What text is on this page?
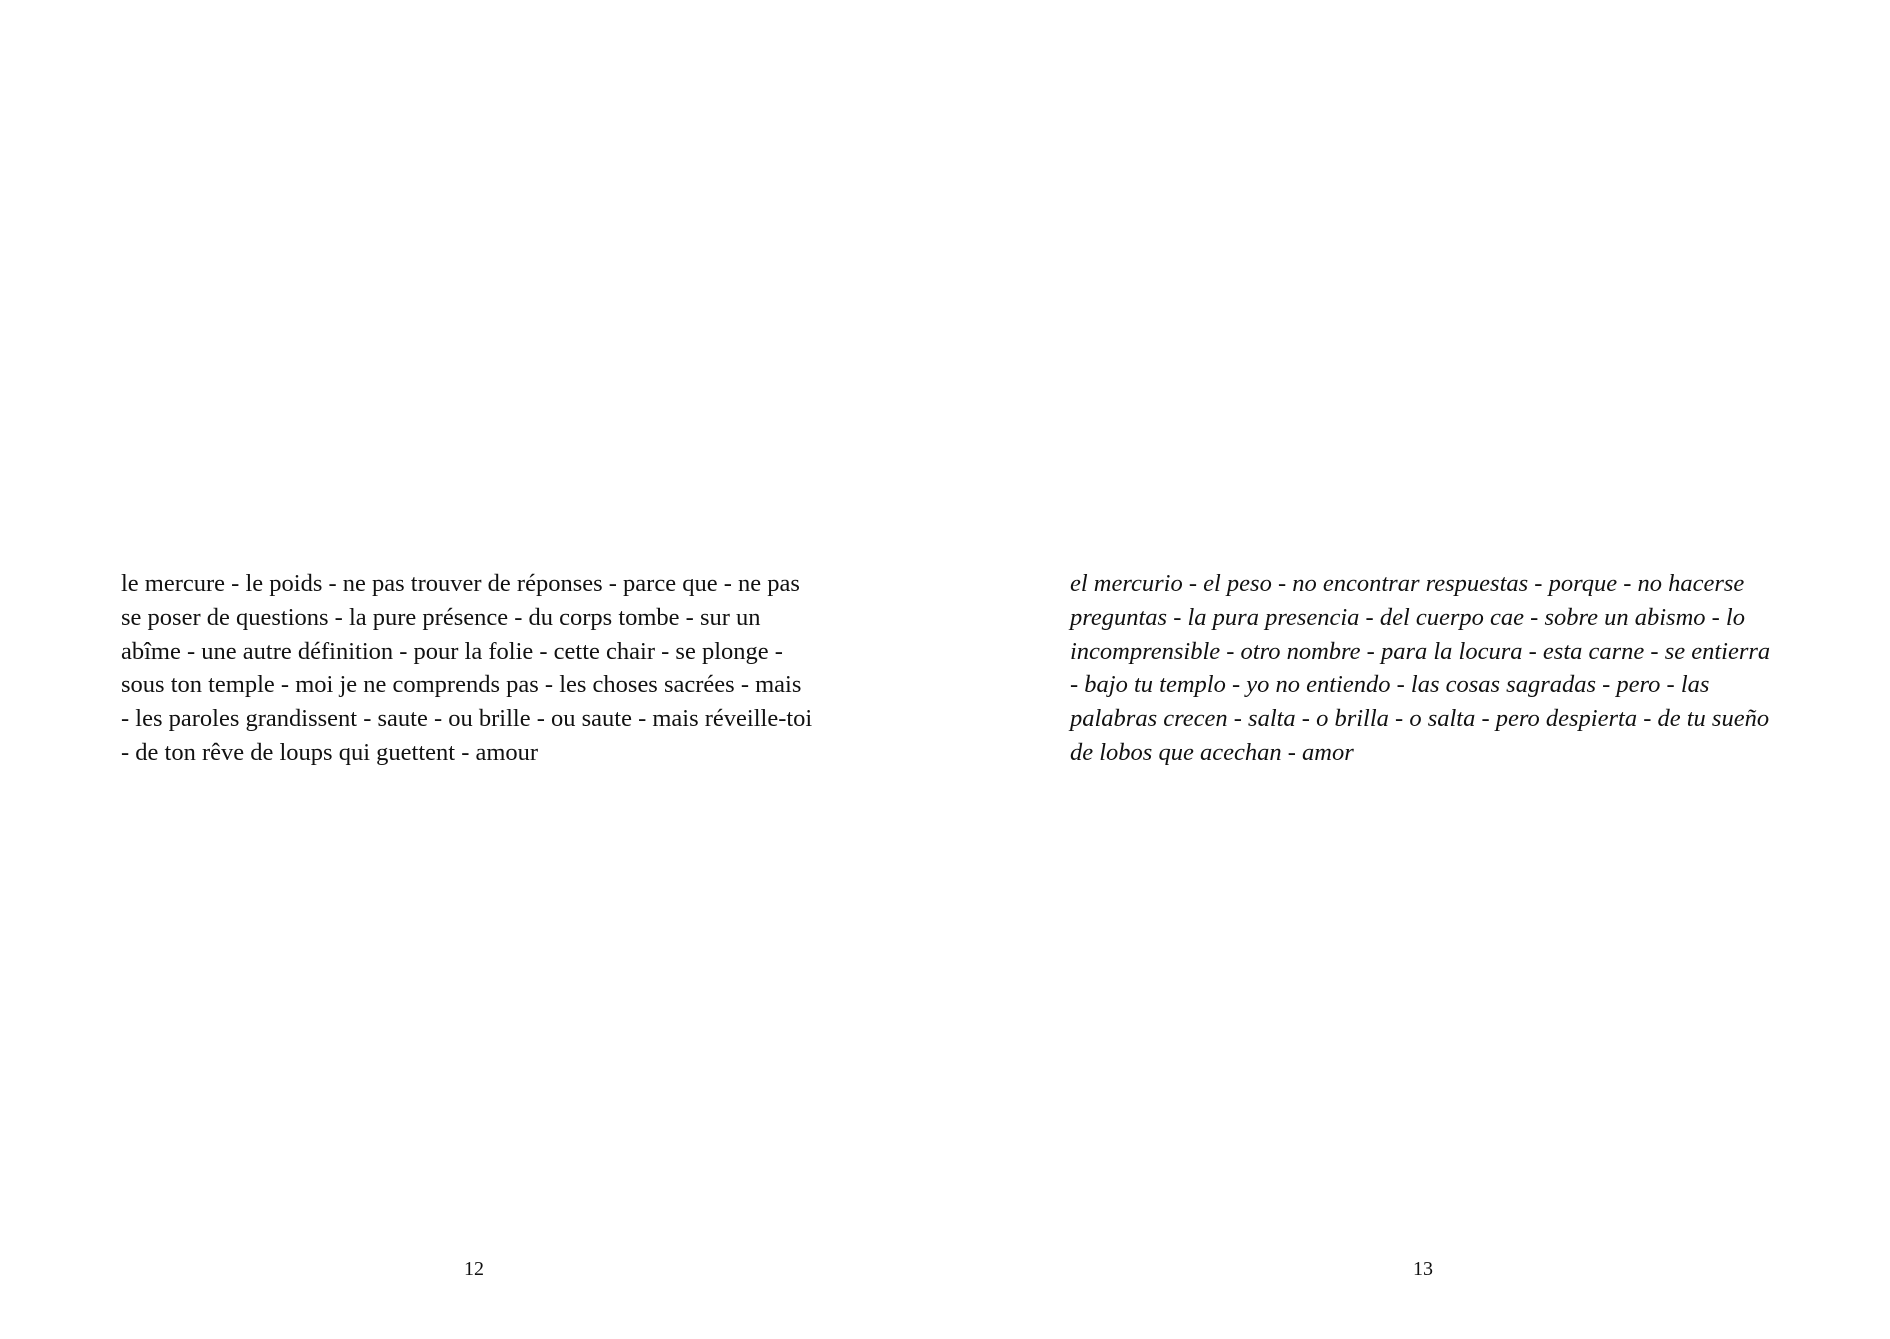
le mercure - le poids - ne pas trouver de réponses - parce que - ne pas
se poser de questions - la pure présence - du corps tombe - sur un
abîme - une autre définition - pour la folie - cette chair - se plonge -
sous ton temple - moi je ne comprends pas - les choses sacrées - mais
- les paroles grandissent - saute - ou brille - ou saute - mais réveille-toi
- de ton rêve de loups qui guettent - amour

12

el mercurio - el peso - no encontrar respuestas - porque - no hacerse
preguntas - la pura presencia - del cuerpo cae - sobre un abismo - lo
incomprensible - otro nombre - para la locura - esta carne - se entierra
- bajo tu templo - yo no entiendo - las cosas sagradas - pero - las
palabras crecen - salta - o brilla - o salta - pero despierta - de tu sueño
de lobos que acechan - amor

13
